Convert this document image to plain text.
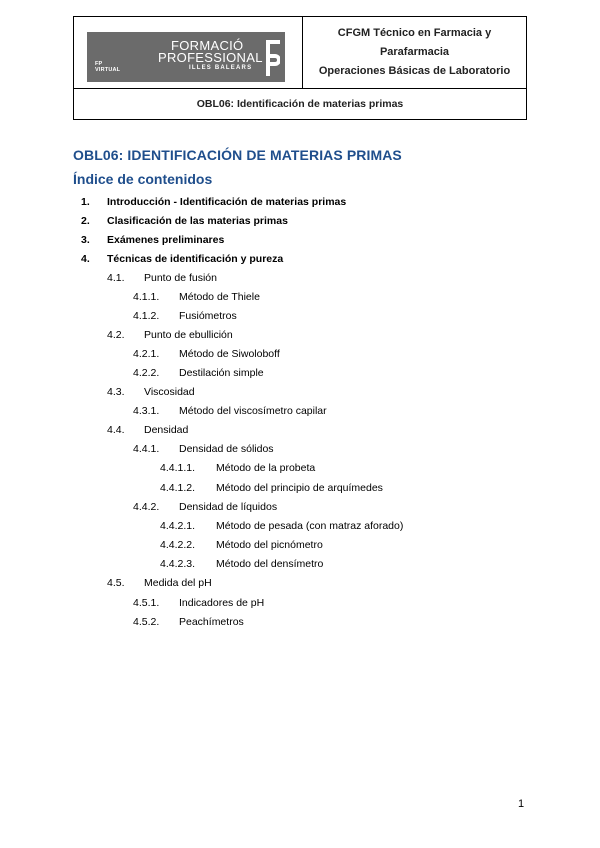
FP VIRTUAL
FORMACIÓ
PROFESSIONAL
ILLES BALEARS
CFGM Técnico en Farmacia y Parafarmacia
Operaciones Básicas de Laboratorio
OBL06: Identificación de materias primas
OBL06: IDENTIFICACIÓN DE MATERIAS PRIMAS
Índice de contenidos
1. Introducción - Identificación de materias primas
2. Clasificación de las materias primas
3. Exámenes preliminares
4. Técnicas de identificación y pureza
4.1. Punto de fusión
4.1.1. Método de Thiele
4.1.2. Fusiómetros
4.2. Punto de ebullición
4.2.1. Método de Siwoloboff
4.2.2. Destilación simple
4.3. Viscosidad
4.3.1. Método del viscosímetro capilar
4.4. Densidad
4.4.1. Densidad de sólidos
4.4.1.1. Método de la probeta
4.4.1.2. Método del principio de arquímedes
4.4.2. Densidad de líquidos
4.4.2.1. Método de pesada (con matraz aforado)
4.4.2.2. Método del picnómetro
4.4.2.3. Método del densímetro
4.5. Medida del pH
4.5.1. Indicadores de pH
4.5.2. Peachímetros
1
